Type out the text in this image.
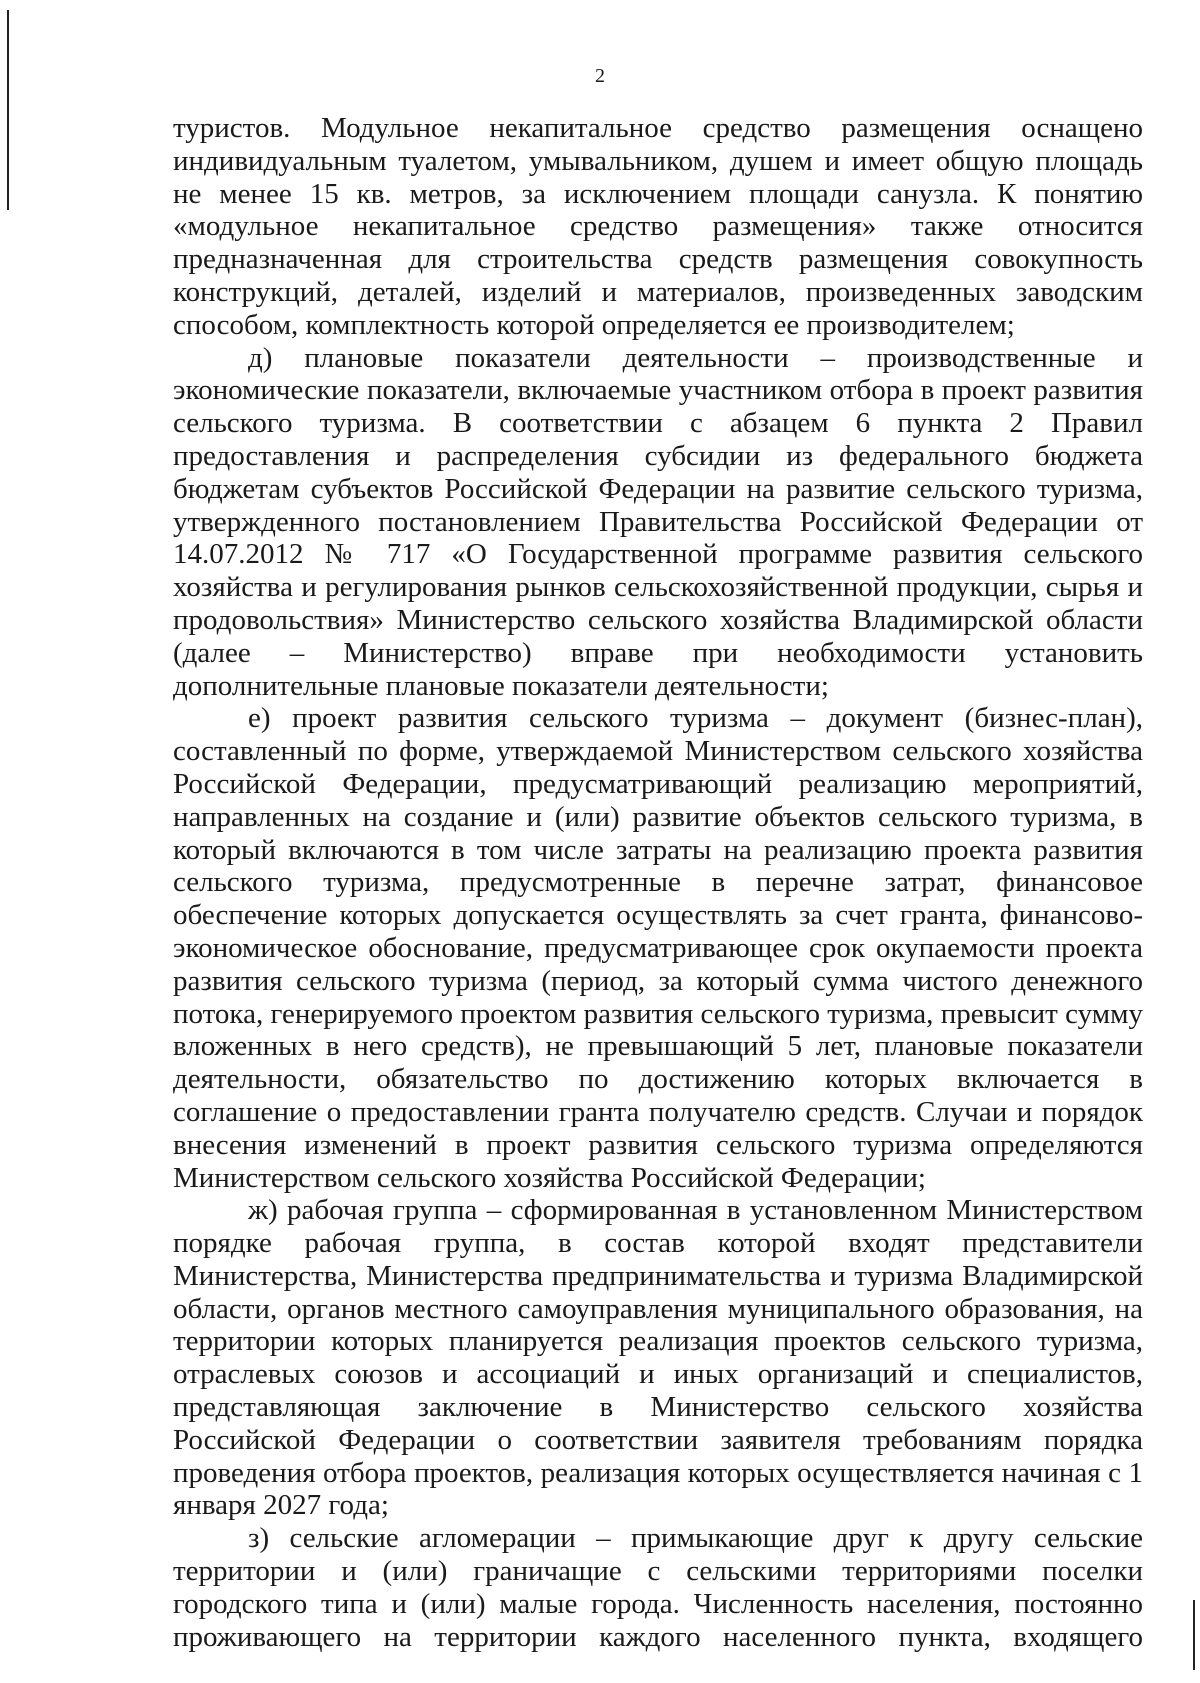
2

туристов. Модульное некапитальное средство размещения оснащено индивидуальным туалетом, умывальником, душем и имеет общую площадь не менее 15 кв. метров, за исключением площади санузла. К понятию «модульное некапитальное средство размещения» также относится предназначенная для строительства средств размещения совокупность конструкций, деталей, изделий и материалов, произведенных заводским способом, комплектность которой определяется ее производителем;

д) плановые показатели деятельности – производственные и экономические показатели, включаемые участником отбора в проект развития сельского туризма. В соответствии с абзацем 6 пункта 2 Правил предоставления и распределения субсидии из федерального бюджета бюджетам субъектов Российской Федерации на развитие сельского туризма, утвержденного постановлением Правительства Российской Федерации от 14.07.2012 № 717 «О Государственной программе развития сельского хозяйства и регулирования рынков сельскохозяйственной продукции, сырья и продовольствия» Министерство сельского хозяйства Владимирской области (далее – Министерство) вправе при необходимости установить дополнительные плановые показатели деятельности;

е) проект развития сельского туризма – документ (бизнес-план), составленный по форме, утверждаемой Министерством сельского хозяйства Российской Федерации, предусматривающий реализацию мероприятий, направленных на создание и (или) развитие объектов сельского туризма, в который включаются в том числе затраты на реализацию проекта развития сельского туризма, предусмотренные в перечне затрат, финансовое обеспечение которых допускается осуществлять за счет гранта, финансово-экономическое обоснование, предусматривающее срок окупаемости проекта развития сельского туризма (период, за который сумма чистого денежного потока, генерируемого проектом развития сельского туризма, превысит сумму вложенных в него средств), не превышающий 5 лет, плановые показатели деятельности, обязательство по достижению которых включается в соглашение о предоставлении гранта получателю средств. Случаи и порядок внесения изменений в проект развития сельского туризма определяются Министерством сельского хозяйства Российской Федерации;

ж) рабочая группа – сформированная в установленном Министерством порядке рабочая группа, в состав которой входят представители Министерства, Министерства предпринимательства и туризма Владимирской области, органов местного самоуправления муниципального образования, на территории которых планируется реализация проектов сельского туризма, отраслевых союзов и ассоциаций и иных организаций и специалистов, представляющая заключение в Министерство сельского хозяйства Российской Федерации о соответствии заявителя требованиям порядка проведения отбора проектов, реализация которых осуществляется начиная с 1 января 2027 года;

з) сельские агломерации – примыкающие друг к другу сельские территории и (или) граничащие с сельскими территориями поселки городского типа и (или) малые города. Численность населения, постоянно проживающего на территории каждого населенного пункта, входящего
